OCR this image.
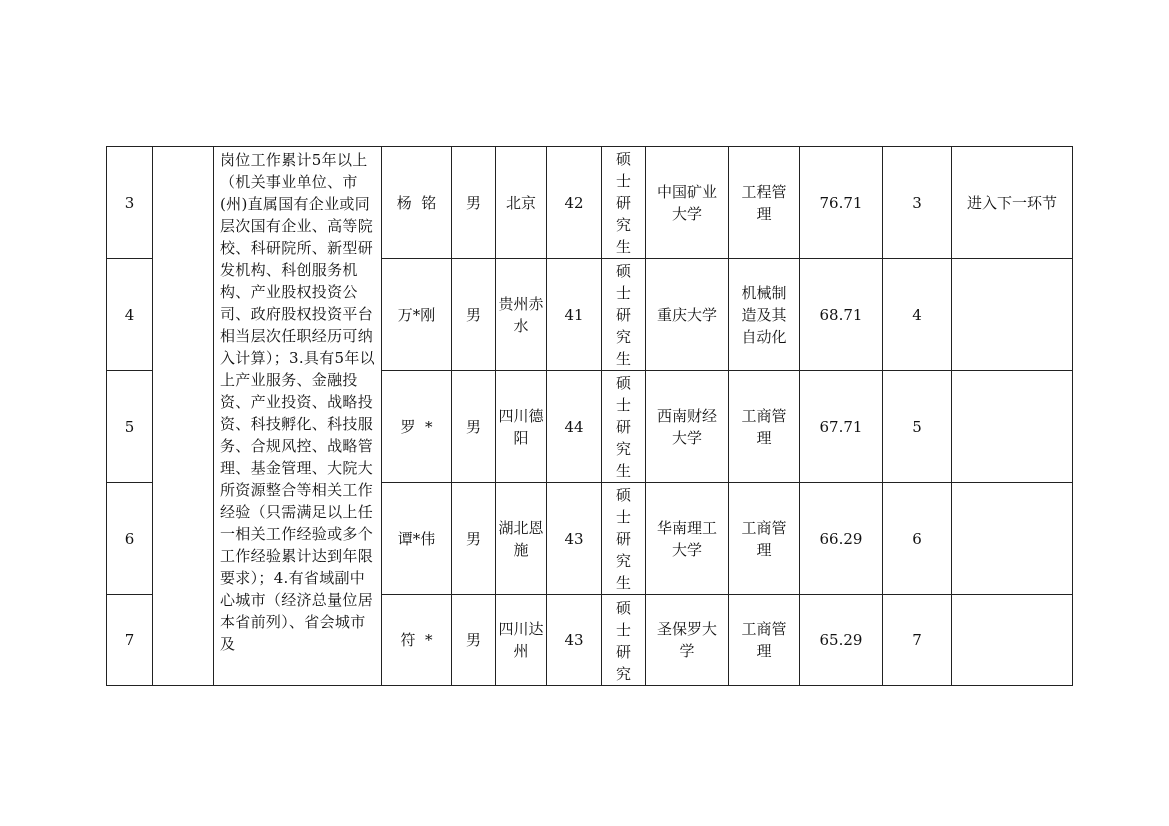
3		岗位工作累计5年以上（机关事业单位、市(州)直属国有企业或同层次国有企业、高等院校、科研院所、新型研发机构、科创服务机构、产业股权投资公司、政府股权投资平台相当层次任职经历可纳入计算）；3.具有5年以上产业服务、金融投资、产业投资、战略投资、科技孵化、科技服务、合规风控、战略管理、基金管理、大院大所资源整合等相关工作经验（只需满足以上任一相关工作经验或多个工作经验累计达到年限要求）；4.有省域副中心城市（经济总量位居本省前列）、省会城市及	杨  铭	男	北京	42	硕士研究生	中国矿业大学	工程管理	76.71	3	进入下一环节
4			万*刚	男	贵州赤水	41	硕士研究生	重庆大学	机械制造及其自动化	68.71	4	
5			罗  *	男	四川德阳	44	硕士研究生	西南财经大学	工商管理	67.71	5	
6			谭*伟	男	湖北恩施	43	硕士研究生	华南理工大学	工商管理	66.29	6	
7			符  *	男	四川达州	43	硕士研究	圣保罗大学	工商管理	65.29	7	
